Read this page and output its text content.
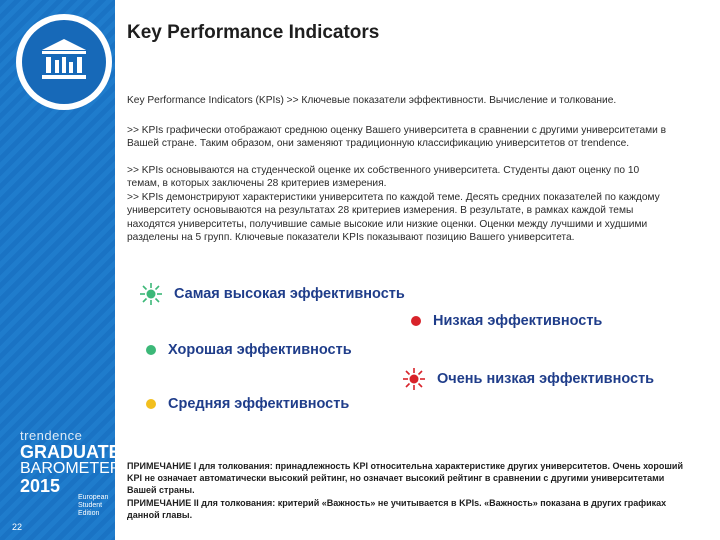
trendence
GRADUATE
BAROMETER
2015
European Student Edition
22
Key Performance Indicators

Key Performance Indicators (KPIs) >> Ключевые показатели эффективности. Вычисление и толкование.

>> KPIs графически отображают среднюю оценку Вашего университета в сравнении с другими университетами в Вашей стране. Таким образом, они заменяют традиционную классификацию университетов от trendence.

>> KPIs основываются на студенческой оценке их собственного университета. Студенты дают оценку по 10 темам, в которых заключены 28 критериев измерения.

>> KPIs демонстрируют характеристики университета по каждой теме. Десять средних показателей по каждому университету основываются на результатах 28 критериев измерения. В результате, в рамках каждой темы находятся университеты, получившие самые высокие или низкие оценки. Оценки между лучшими и худшими разделены на 5 групп. Ключевые показатели KPIs показывают позицию Вашего университета.

Самая высокая эффективность
Низкая эффективность
Хорошая эффективность
Очень низкая эффективность
Средняя эффективность

ПРИМЕЧАНИЕ I для толкования: принадлежность KPI относительна характеристике других университетов. Очень хороший KPI не означает автоматически высокий рейтинг, но означает высокий рейтинг в сравнении с другими университетами Вашей страны.

ПРИМЕЧАНИЕ II для толкования: критерий «Важность» не учитывается в KPIs. «Важность» показана в других графиках данной главы.
